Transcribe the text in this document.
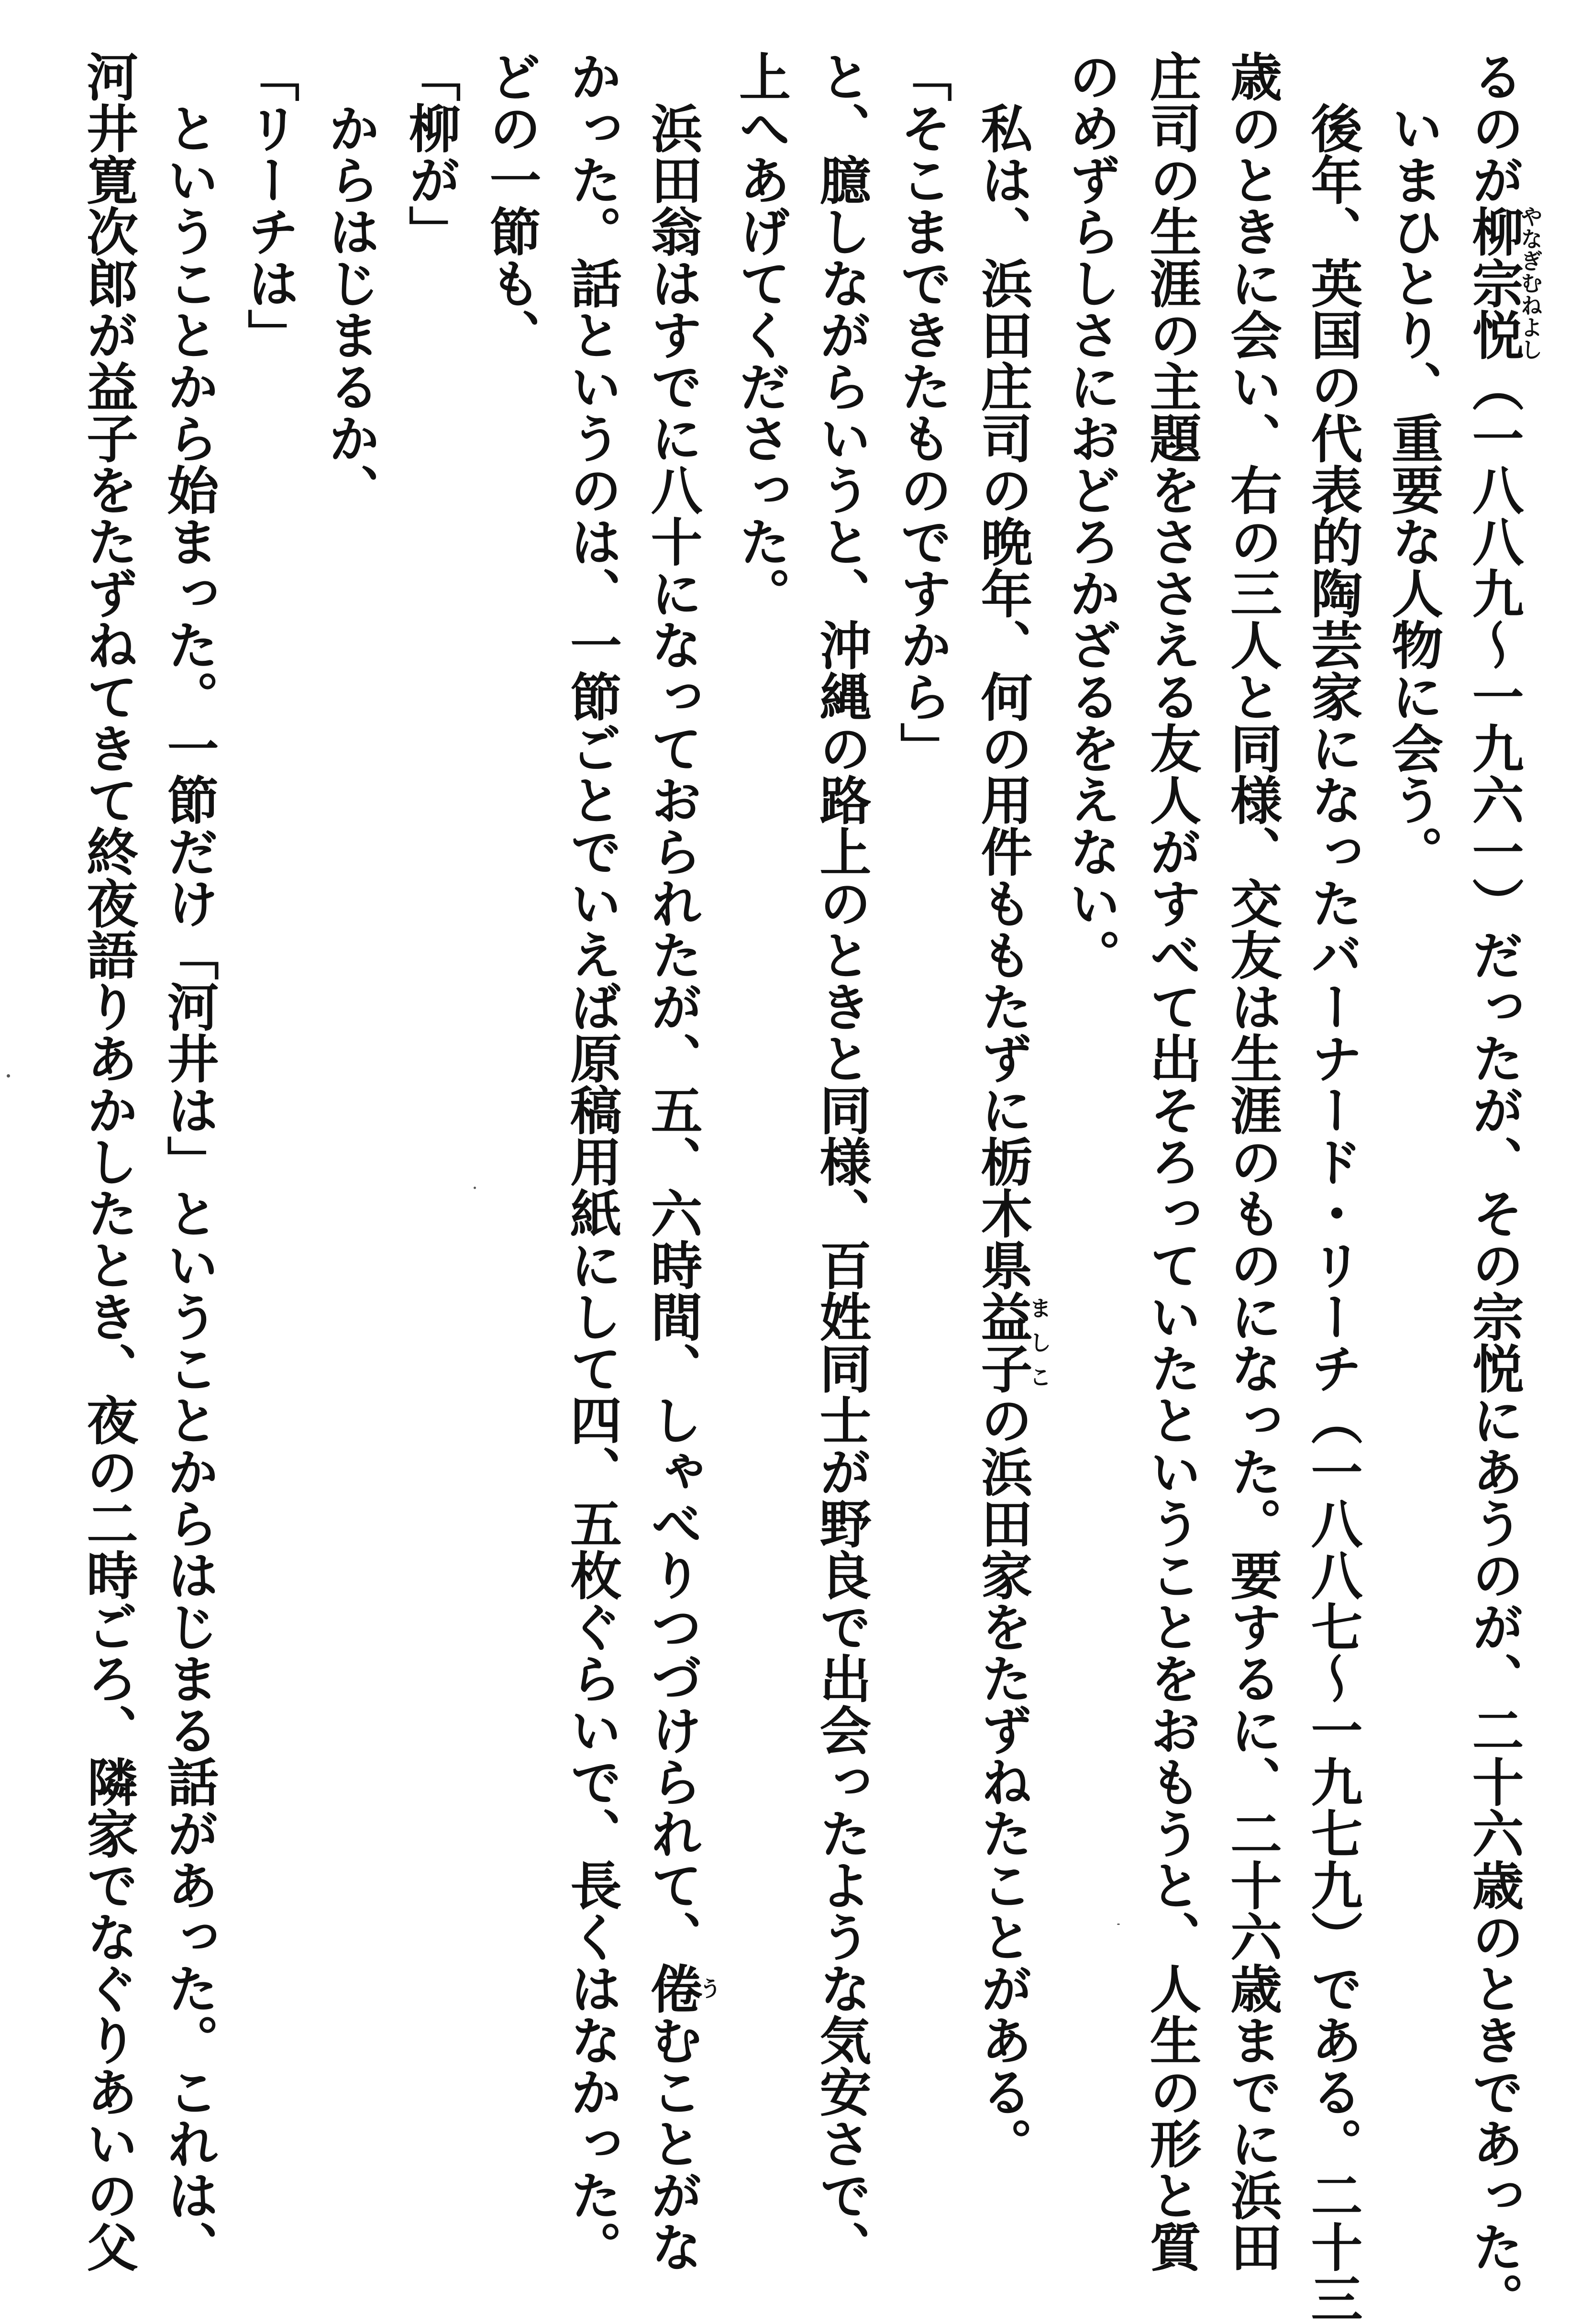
るのが柳宗悦やなぎむねよし（一八八九〜一九六一）だったが、その宗悦にあうのが、二十六歳のときであった。
いまひとり、重要な人物に会う。
後年、英国の代表的陶芸家になったバーナード・リーチ（一八八七〜一九七九）である。二十三
歳のときに会い、右の三人と同様、交友は生涯のものになった。要するに、二十六歳までに浜田
庄司の生涯の主題をささえる友人がすべて出そろっていたということをおもうと、人生の形と質
のめずらしさにおどろかざるをえない。
私は、浜田庄司の晩年、何の用件ももたずに栃木県益子ましこの浜田家をたずねたことがある。
「そこまできたものですから」
と、臆しながらいうと、沖縄の路上のときと同様、百姓同士が野良で出会ったような気安さで、
上へあげてくださった。
浜田翁はすでに八十になっておられたが、五、六時間、しゃべりつづけられて、倦うむことがな
かった。話というのは、一節ごとでいえば原稿用紙にして四、五枚ぐらいで、長くはなかった。
どの一節も、
「柳が」
からはじまるか、
「リーチは」
ということから始まった。一節だけ「河井は」ということからはじまる話があった。これは、
河井寛次郎が益子をたずねてきて終夜語りあかしたとき、夜の二時ごろ、隣家でなぐりあいの父
